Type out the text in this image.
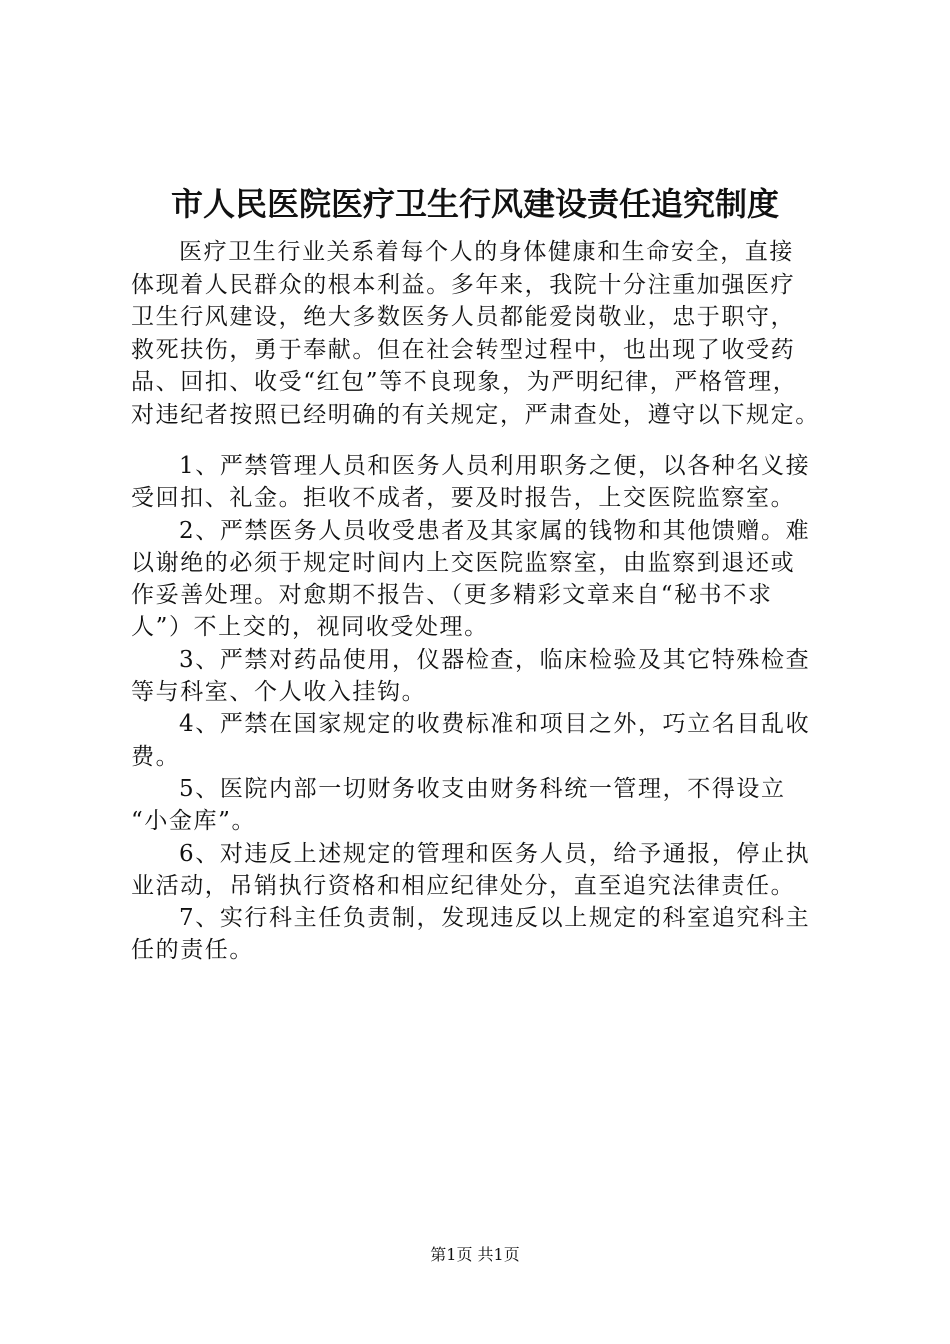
市人民医院医疗卫生行风建设责任追究制度

医疗卫生行业关系着每个人的身体健康和生命安全，直接
体现着人民群众的根本利益。多年来，我院十分注重加强医疗
卫生行风建设，绝大多数医务人员都能爱岗敬业，忠于职守，
救死扶伤，勇于奉献。但在社会转型过程中，也出现了收受药
品、回扣、收受“红包”等不良现象，为严明纪律，严格管理，
对违纪者按照已经明确的有关规定，严肃查处，遵守以下规定。

1、严禁管理人员和医务人员利用职务之便，以各种名义接
受回扣、礼金。拒收不成者，要及时报告，上交医院监察室。
2、严禁医务人员收受患者及其家属的钱物和其他馈赠。难
以谢绝的必须于规定时间内上交医院监察室，由监察到退还或
作妥善处理。对愈期不报告、（更多精彩文章来自“秘书不求
人”）不上交的，视同收受处理。
3、严禁对药品使用，仪器检查，临床检验及其它特殊检查
等与科室、个人收入挂钩。
4、严禁在国家规定的收费标准和项目之外，巧立名目乱收
费。
5、医院内部一切财务收支由财务科统一管理，不得设立
“小金库”。
6、对违反上述规定的管理和医务人员，给予通报，停止执
业活动，吊销执行资格和相应纪律处分，直至追究法律责任。
7、实行科主任负责制，发现违反以上规定的科室追究科主
任的责任。
第1页 共1页
